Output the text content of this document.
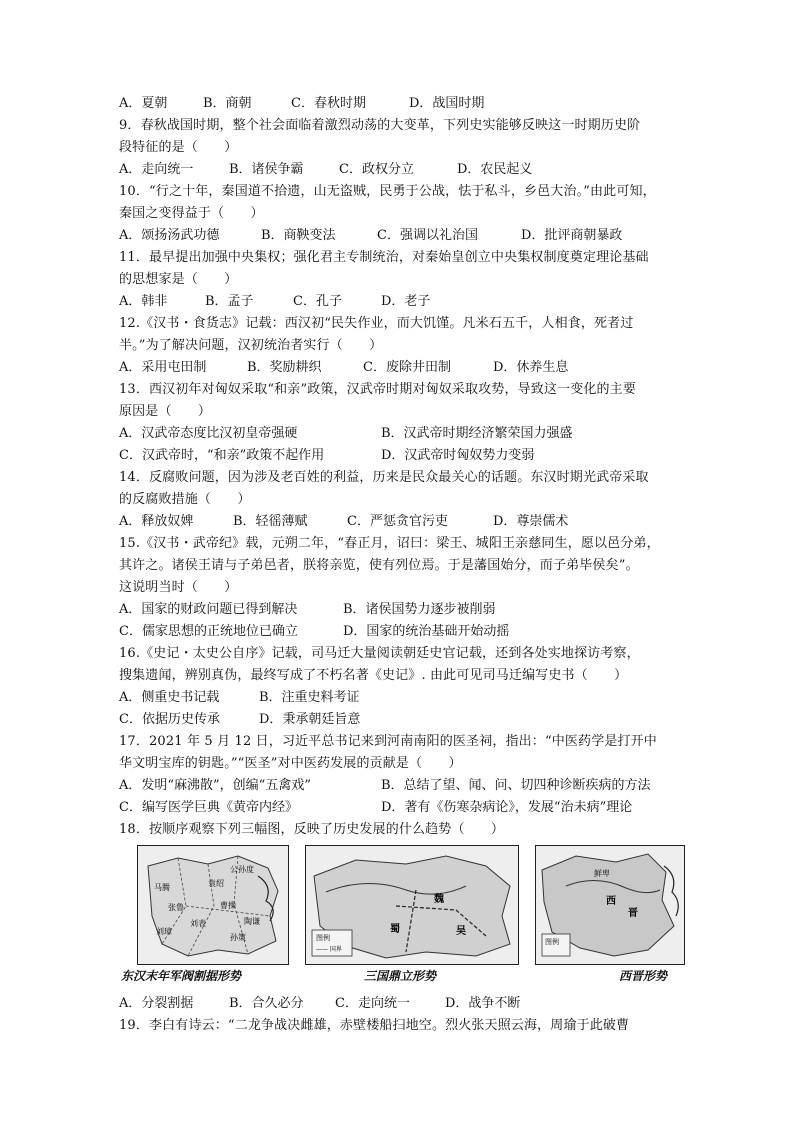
A．夏朝	B．商朝	C．春秋时期	D．战国时期
9．春秋战国时期，整个社会面临着激烈动荡的大变革，下列史实能够反映这一时期历史阶
段特征的是（　　）
A．走向统一	B．诸侯争霸	C．政权分立	D．农民起义
10．“行之十年，秦国道不拾遗，山无盗贼，民勇于公战，怯于私斗，乡邑大治。”由此可知，
秦国之变得益于（　　）
A．颂扬汤武功德	B．商鞅变法	C．强调以礼治国	D．批评商朝暴政
11．最早提出加强中央集权；强化君主专制统治，对秦始皇创立中央集权制度奠定理论基础
的思想家是（　　）
A．韩非	B．孟子	C．孔子	D．老子
12.《汉书・食货志》记载：西汉初“民失作业，而大饥馑。凡米石五千，人相食，死者过
半。”为了解决问题，汉初统治者实行（　　）
A．采用屯田制	B．奖励耕织	C．废除井田制	D．休养生息
13．西汉初年对匈奴采取“和亲”政策，汉武帝时期对匈奴采取攻势，导致这一变化的主要
原因是（　　）
A．汉武帝态度比汉初皇帝强硬	B．汉武帝时期经济繁荣国力强盛
C．汉武帝时，“和亲”政策不起作用	D．汉武帝时匈奴势力变弱
14．反腐败问题，因为涉及老百姓的利益，历来是民众最关心的话题。东汉时期光武帝采取
的反腐败措施（　　）
A．释放奴婢	B．轻徭薄赋	C．严惩贪官污吏	D．尊崇儒术
15.《汉书・武帝纪》载，元朔二年，“春正月，诏曰：梁王、城阳王亲慈同生，愿以邑分弟，
其许之。诸侯王请与子弟邑者，朕将亲览，使有列位焉。于是藩国始分，而子弟毕侯矣”。
这说明当时（　　）
A．国家的财政问题已得到解决	B．诸侯国势力逐步被削弱
C．儒家思想的正统地位已确立	D．国家的统治基础开始动摇
16.《史记・太史公自序》记载，司马迁大量阅读朝廷史官记载，还到各处实地探访考察，
搜集遗闻，辨别真伪，最终写成了不朽名著《史记》. 由此可见司马迁编写史书（　　）
A．侧重史书记载	B．注重史料考证
C．依据历史传承	D．秉承朝廷旨意
17．2021 年 5 月 12 日，习近平总书记来到河南南阳的医圣祠，指出：“中医药学是打开中
华文明宝库的钥匙。”“医圣”对中医药发展的贡献是（　　）
A．发明“麻沸散”，创编“五禽戏”	B．总结了望、闻、问、切四种诊断疾病的方法
C．编写医学巨典《黄帝内经》	D．著有《伤寒杂病论》，发展“治未病”理论
18．按顺序观察下列三幅图，反映了历史发展的什么趋势（　　）
公孙度
马腾	袁绍
曹操
刘表
孙策
刘璋
张鲁
陶谦
东汉末年军阀割据形势
图例
—— 国界
魏
蜀	吴
三国鼎立形势
图例
西
晋
鲜卑
西晋形势
A．分裂割据	B．合久必分	C．走向统一	D．战争不断
19．李白有诗云：“二龙争战决雌雄，赤壁楼船扫地空。烈火张天照云海，周瑜于此破曹
